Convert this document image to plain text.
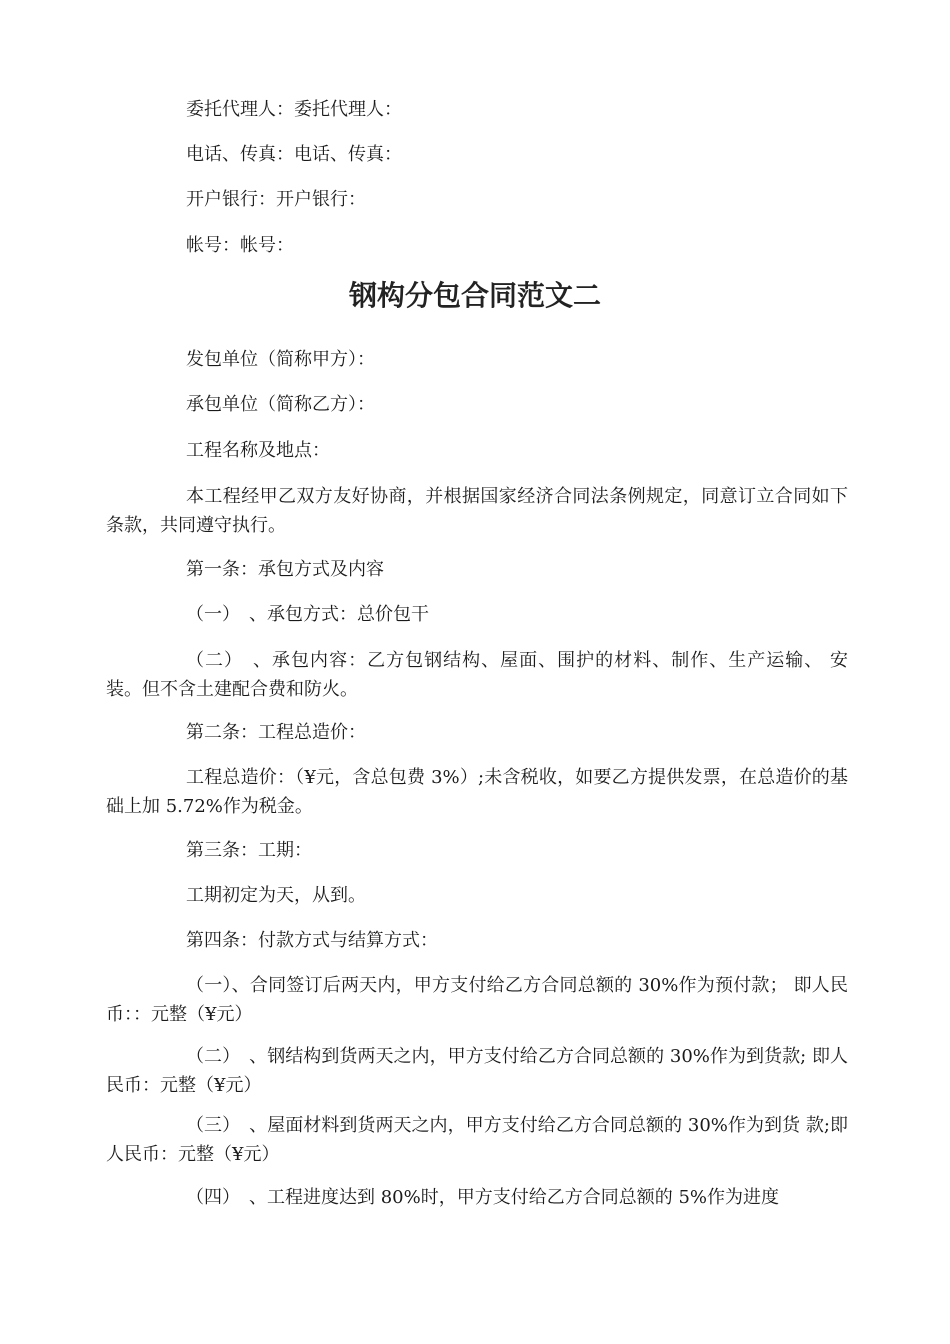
委托代理人：委托代理人：
电话、传真：电话、传真：
开户银行：开户银行：
帐号：帐号：
钢构分包合同范文二
发包单位（简称甲方）：
承包单位（简称乙方）：
工程名称及地点：
本工程经甲乙双方友好协商，并根据国家经济合同法条例规定，同意订立合同如下条款，共同遵守执行。
第一条：承包方式及内容
（一）　、承包方式：总价包干
（二）　、承包内容：乙方包钢结构、屋面、围护的材料、制作、生产运输、 安装。但不含土建配合费和防火。
第二条：工程总造价：
工程总造价：（¥元，含总包费 3%）;未含税收，如要乙方提供发票，在总造价的基础上加 5.72%作为税金。
第三条：工期：
工期初定为天，从到。
第四条：付款方式与结算方式：
（一）、合同签订后两天内，甲方支付给乙方合同总额的 30%作为预付款； 即人民币：：元整（¥元）
（二）　、钢结构到货两天之内，甲方支付给乙方合同总额的 30%作为到货款; 即人民币：元整（¥元）
（三）　、屋面材料到货两天之内，甲方支付给乙方合同总额的 30%作为到货 款;即人民币：元整（¥元）
（四）　、工程进度达到 80%时，甲方支付给乙方合同总额的 5%作为进度
